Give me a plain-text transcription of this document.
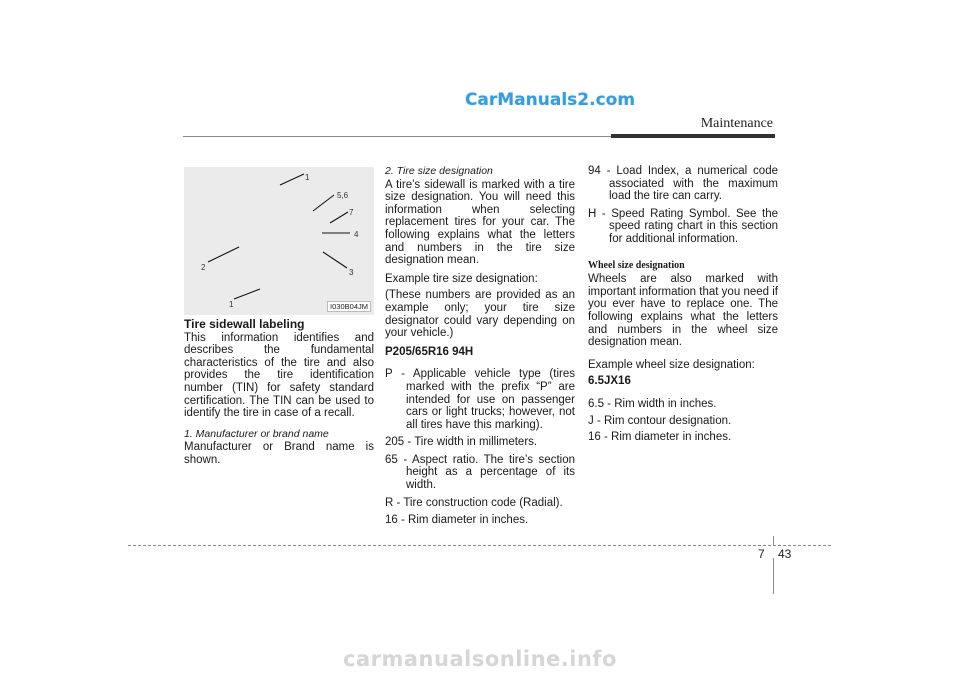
CarManuals2.com
Maintenance
1
5,6
7
4
3
2
1	I030B04JM

Tire sidewall labeling

This information identifies and describes the fundamental characteristics of the tire and also provides the tire identification number (TIN) for safety standard certification. The TIN can be used to identify the tire in case of a recall.

1. Manufacturer or brand name

Manufacturer or Brand name is shown.

2. Tire size designation

A tire’s sidewall is marked with a tire size designation. You will need this information when selecting replacement tires for your car. The following explains what the letters and numbers in the tire size designation mean.

Example tire size designation:

(These numbers are provided as an example only; your tire size designator could vary depending on your vehicle.)

P205/65R16 94H

P - Applicable vehicle type (tires marked with the prefix “P” are intended for use on passenger cars or light trucks; however, not all tires have this marking).

205 - Tire width in millimeters.

65 - Aspect ratio. The tire’s section height as a percentage of its width.

R - Tire construction code (Radial).

16 - Rim diameter in inches.

94 - Load Index, a numerical code associated with the maximum load the tire can carry.

H - Speed Rating Symbol. See the speed rating chart in this section for additional information.

Wheel size designation

Wheels are also marked with important information that you need if you ever have to replace one. The following explains what the letters and numbers in the wheel size designation mean.

Example wheel size designation:

6.5JX16

6.5 - Rim width in inches.

J - Rim contour designation.

16 - Rim diameter in inches.

7 43
carmanualsonline.info
